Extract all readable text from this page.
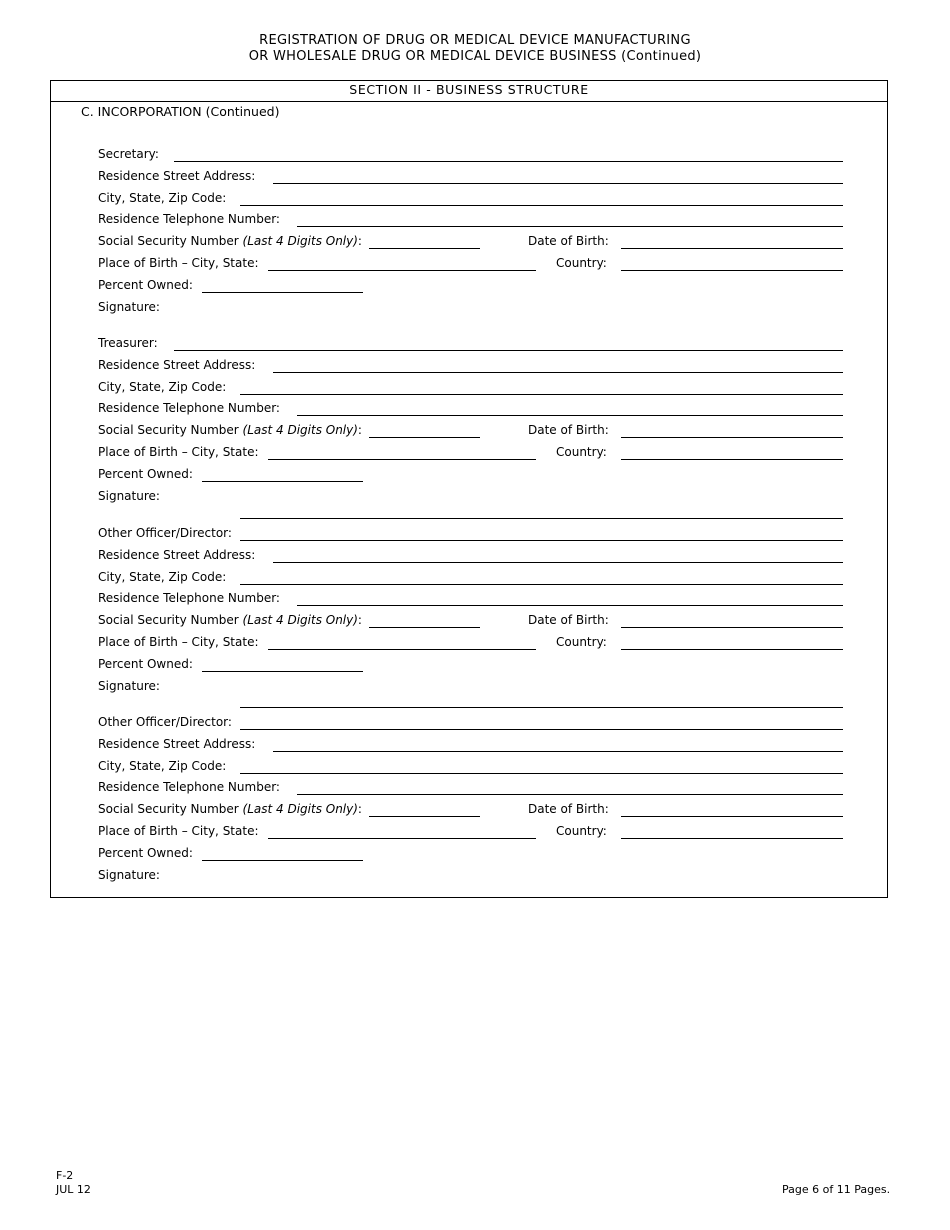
REGISTRATION OF DRUG OR MEDICAL DEVICE MANUFACTURING
OR WHOLESALE DRUG OR MEDICAL DEVICE BUSINESS (Continued)
SECTION II - BUSINESS STRUCTURE
C. INCORPORATION (Continued)
Secretary:
Residence Street Address:
City, State, Zip Code:
Residence Telephone Number:
Social Security Number (Last 4 Digits Only):	Date of Birth:
Place of Birth – City, State:	Country:
Percent Owned:
Signature:
Treasurer:
Residence Street Address:
City, State, Zip Code:
Residence Telephone Number:
Social Security Number (Last 4 Digits Only):	Date of Birth:
Place of Birth – City, State:	Country:
Percent Owned:
Signature:
Other Officer/Director:
Residence Street Address:
City, State, Zip Code:
Residence Telephone Number:
Social Security Number (Last 4 Digits Only):	Date of Birth:
Place of Birth – City, State:	Country:
Percent Owned:
Signature:
Other Officer/Director:
Residence Street Address:
City, State, Zip Code:
Residence Telephone Number:
Social Security Number (Last 4 Digits Only):	Date of Birth:
Place of Birth – City, State:	Country:
Percent Owned:
Signature:
F-2
JUL 12	Page 6 of 11 Pages.
